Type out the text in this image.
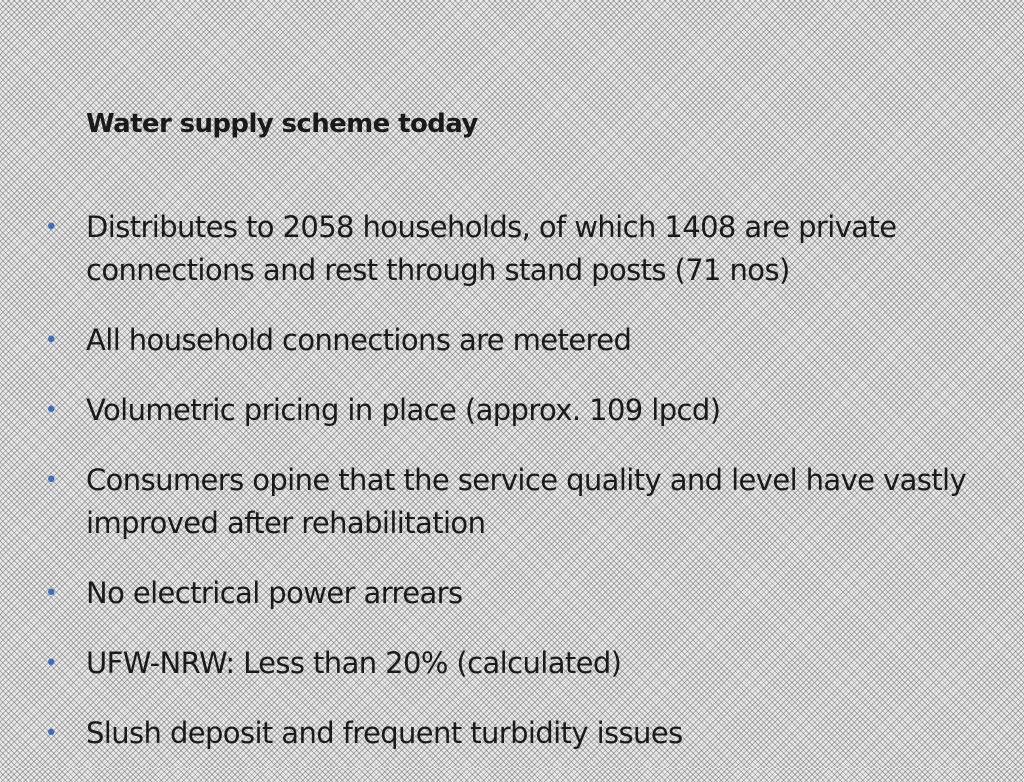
Water supply scheme today
• Distributes to 2058 households, of which 1408 are private connections and rest through stand posts (71 nos)
• All household connections are metered
• Volumetric pricing in place (approx. 109 lpcd)
• Consumers opine that the service quality and level have vastly improved after rehabilitation
• No electrical power arrears
• UFW-NRW: Less than 20% (calculated)
• Slush deposit and frequent turbidity issues
